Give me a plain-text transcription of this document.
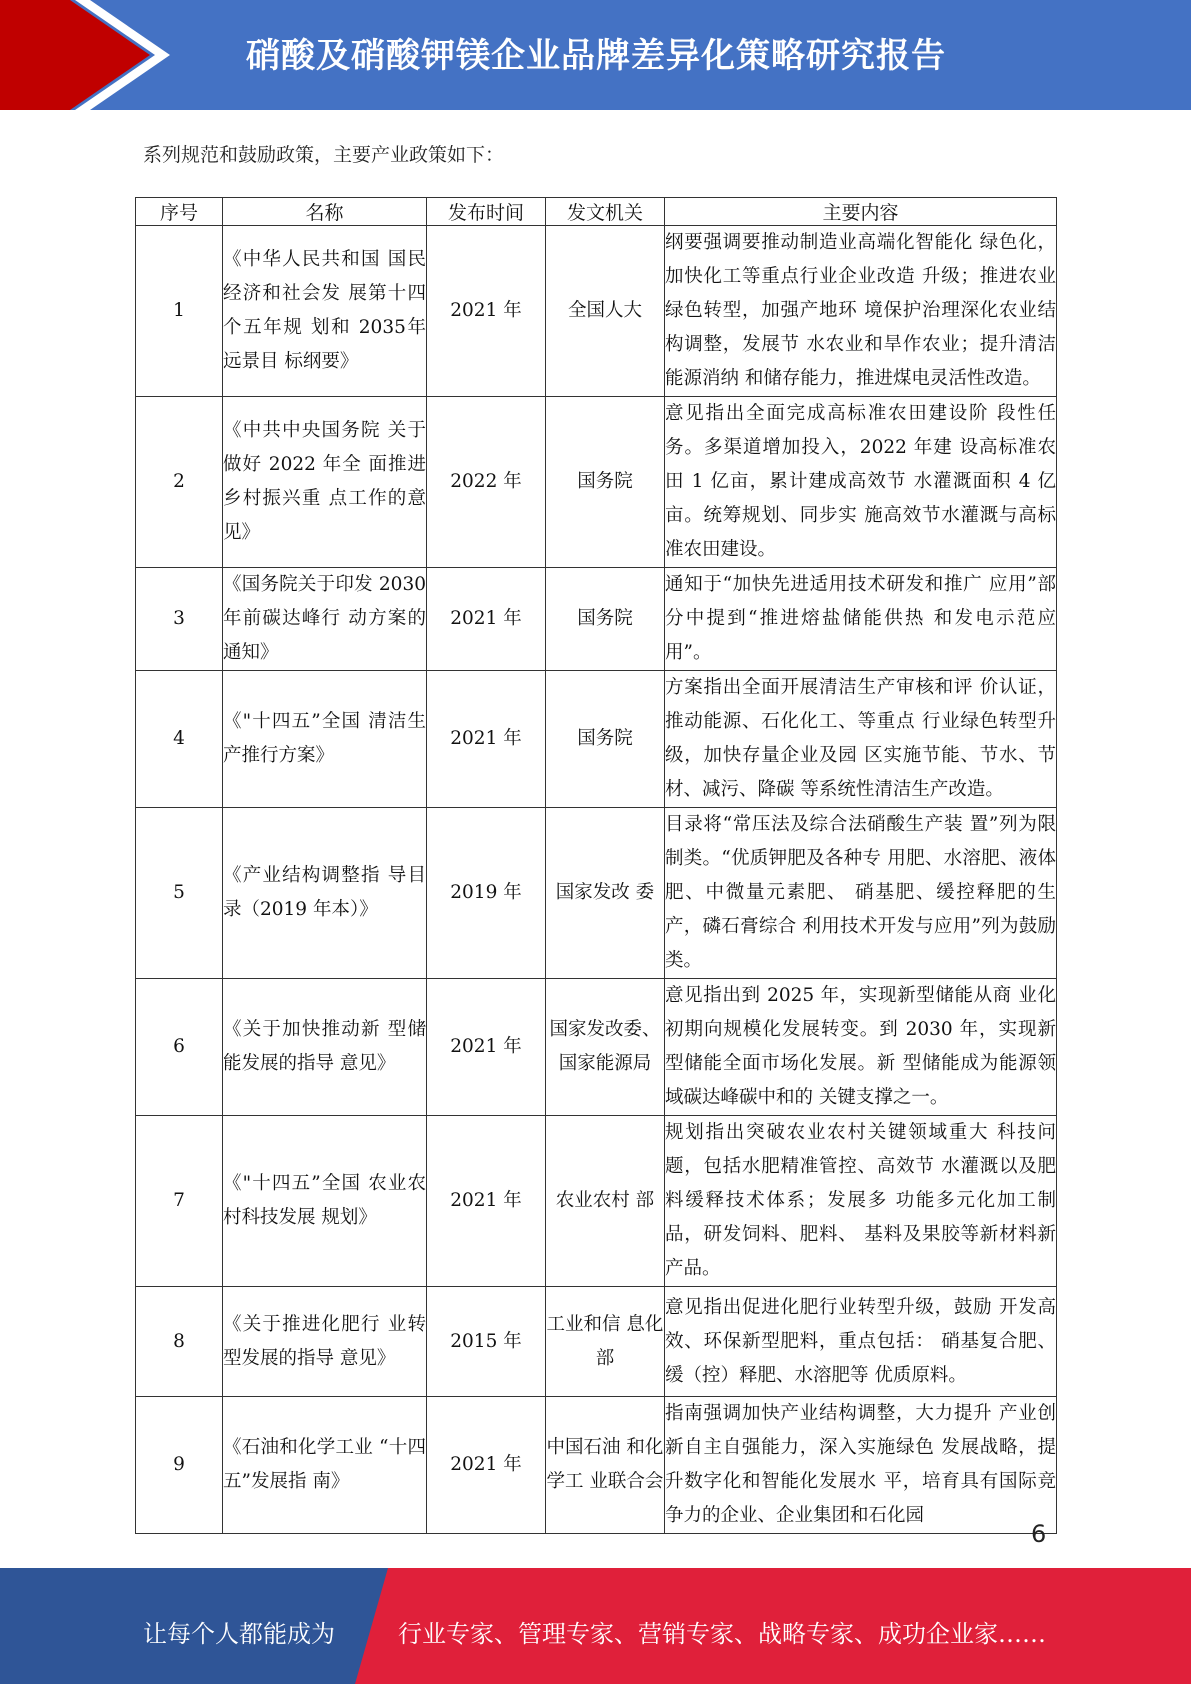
硝酸及硝酸钾镁企业品牌差异化策略研究报告
系列规范和鼓励政策，主要产业政策如下：
序号	名称	发布时间	发文机关	主要内容
1	《中华人民共和国 国民经济和社会发 展第十四个五年规 划和 2035年远景目 标纲要》	2021 年	全国人大	纲要强调要推动制造业高端化智能化 绿色化，加快化工等重点行业企业改造 升级；推进农业绿色转型，加强产地环 境保护治理深化农业结构调整，发展节 水农业和旱作农业；提升清洁能源消纳 和储存能力，推进煤电灵活性改造。
2	《中共中央国务院 关于做好 2022 年全 面推进乡村振兴重 点工作的意见》	2022 年	国务院	意见指出全面完成高标准农田建设阶 段性任务。多渠道增加投入，2022 年建 设高标准农田 1 亿亩，累计建成高效节 水灌溉面积 4 亿亩。统筹规划、同步实 施高效节水灌溉与高标准农田建设。
3	《国务院关于印发 2030 年前碳达峰行 动方案的通知》	2021 年	国务院	通知于“加快先进适用技术研发和推广 应用”部分中提到“推进熔盐储能供热 和发电示范应用”。
4	《"十四五”全国 清洁生产推行方案》	2021 年	国务院	方案指出全面开展清洁生产审核和评 价认证，推动能源、石化化工、等重点 行业绿色转型升级，加快存量企业及园 区实施节能、节水、节材、减污、降碳 等系统性清洁生产改造。
5	《产业结构调整指 导目录（2019 年本）》	2019 年	国家发改 委	目录将“常压法及综合法硝酸生产装 置”列为限制类。“优质钾肥及各种专 用肥、水溶肥、液体肥、中微量元素肥、 硝基肥、缓控释肥的生产，磷石膏综合 利用技术开发与应用”列为鼓励类。
6	《关于加快推动新 型储能发展的指导 意见》	2021 年	国家发改委、国家能源局	意见指出到 2025 年，实现新型储能从商 业化初期向规模化发展转变。到 2030 年，实现新型储能全面市场化发展。新 型储能成为能源领域碳达峰碳中和的 关键支撑之一。
7	《"十四五”全国 农业农村科技发展 规划》	2021 年	农业农村 部	规划指出突破农业农村关键领域重大 科技问题，包括水肥精准管控、高效节 水灌溉以及肥料缓释技术体系；发展多 功能多元化加工制品，研发饲料、肥料、 基料及果胶等新材料新产品。
8	《关于推进化肥行 业转型发展的指导 意见》	2015 年	工业和信 息化部	意见指出促进化肥行业转型升级，鼓励 开发高效、环保新型肥料，重点包括： 硝基复合肥、缓（控）释肥、水溶肥等 优质原料。
9	《石油和化学工业 “十四五”发展指 南》	2021 年	中国石油 和化学工 业联合会	指南强调加快产业结构调整，大力提升 产业创新自主自强能力，深入实施绿色 发展战略，提升数字化和智能化发展水 平，培育具有国际竞争力的企业、企业集团和石化园
6
让每个人都能成为	行业专家、管理专家、营销专家、战略专家、成功企业家……
